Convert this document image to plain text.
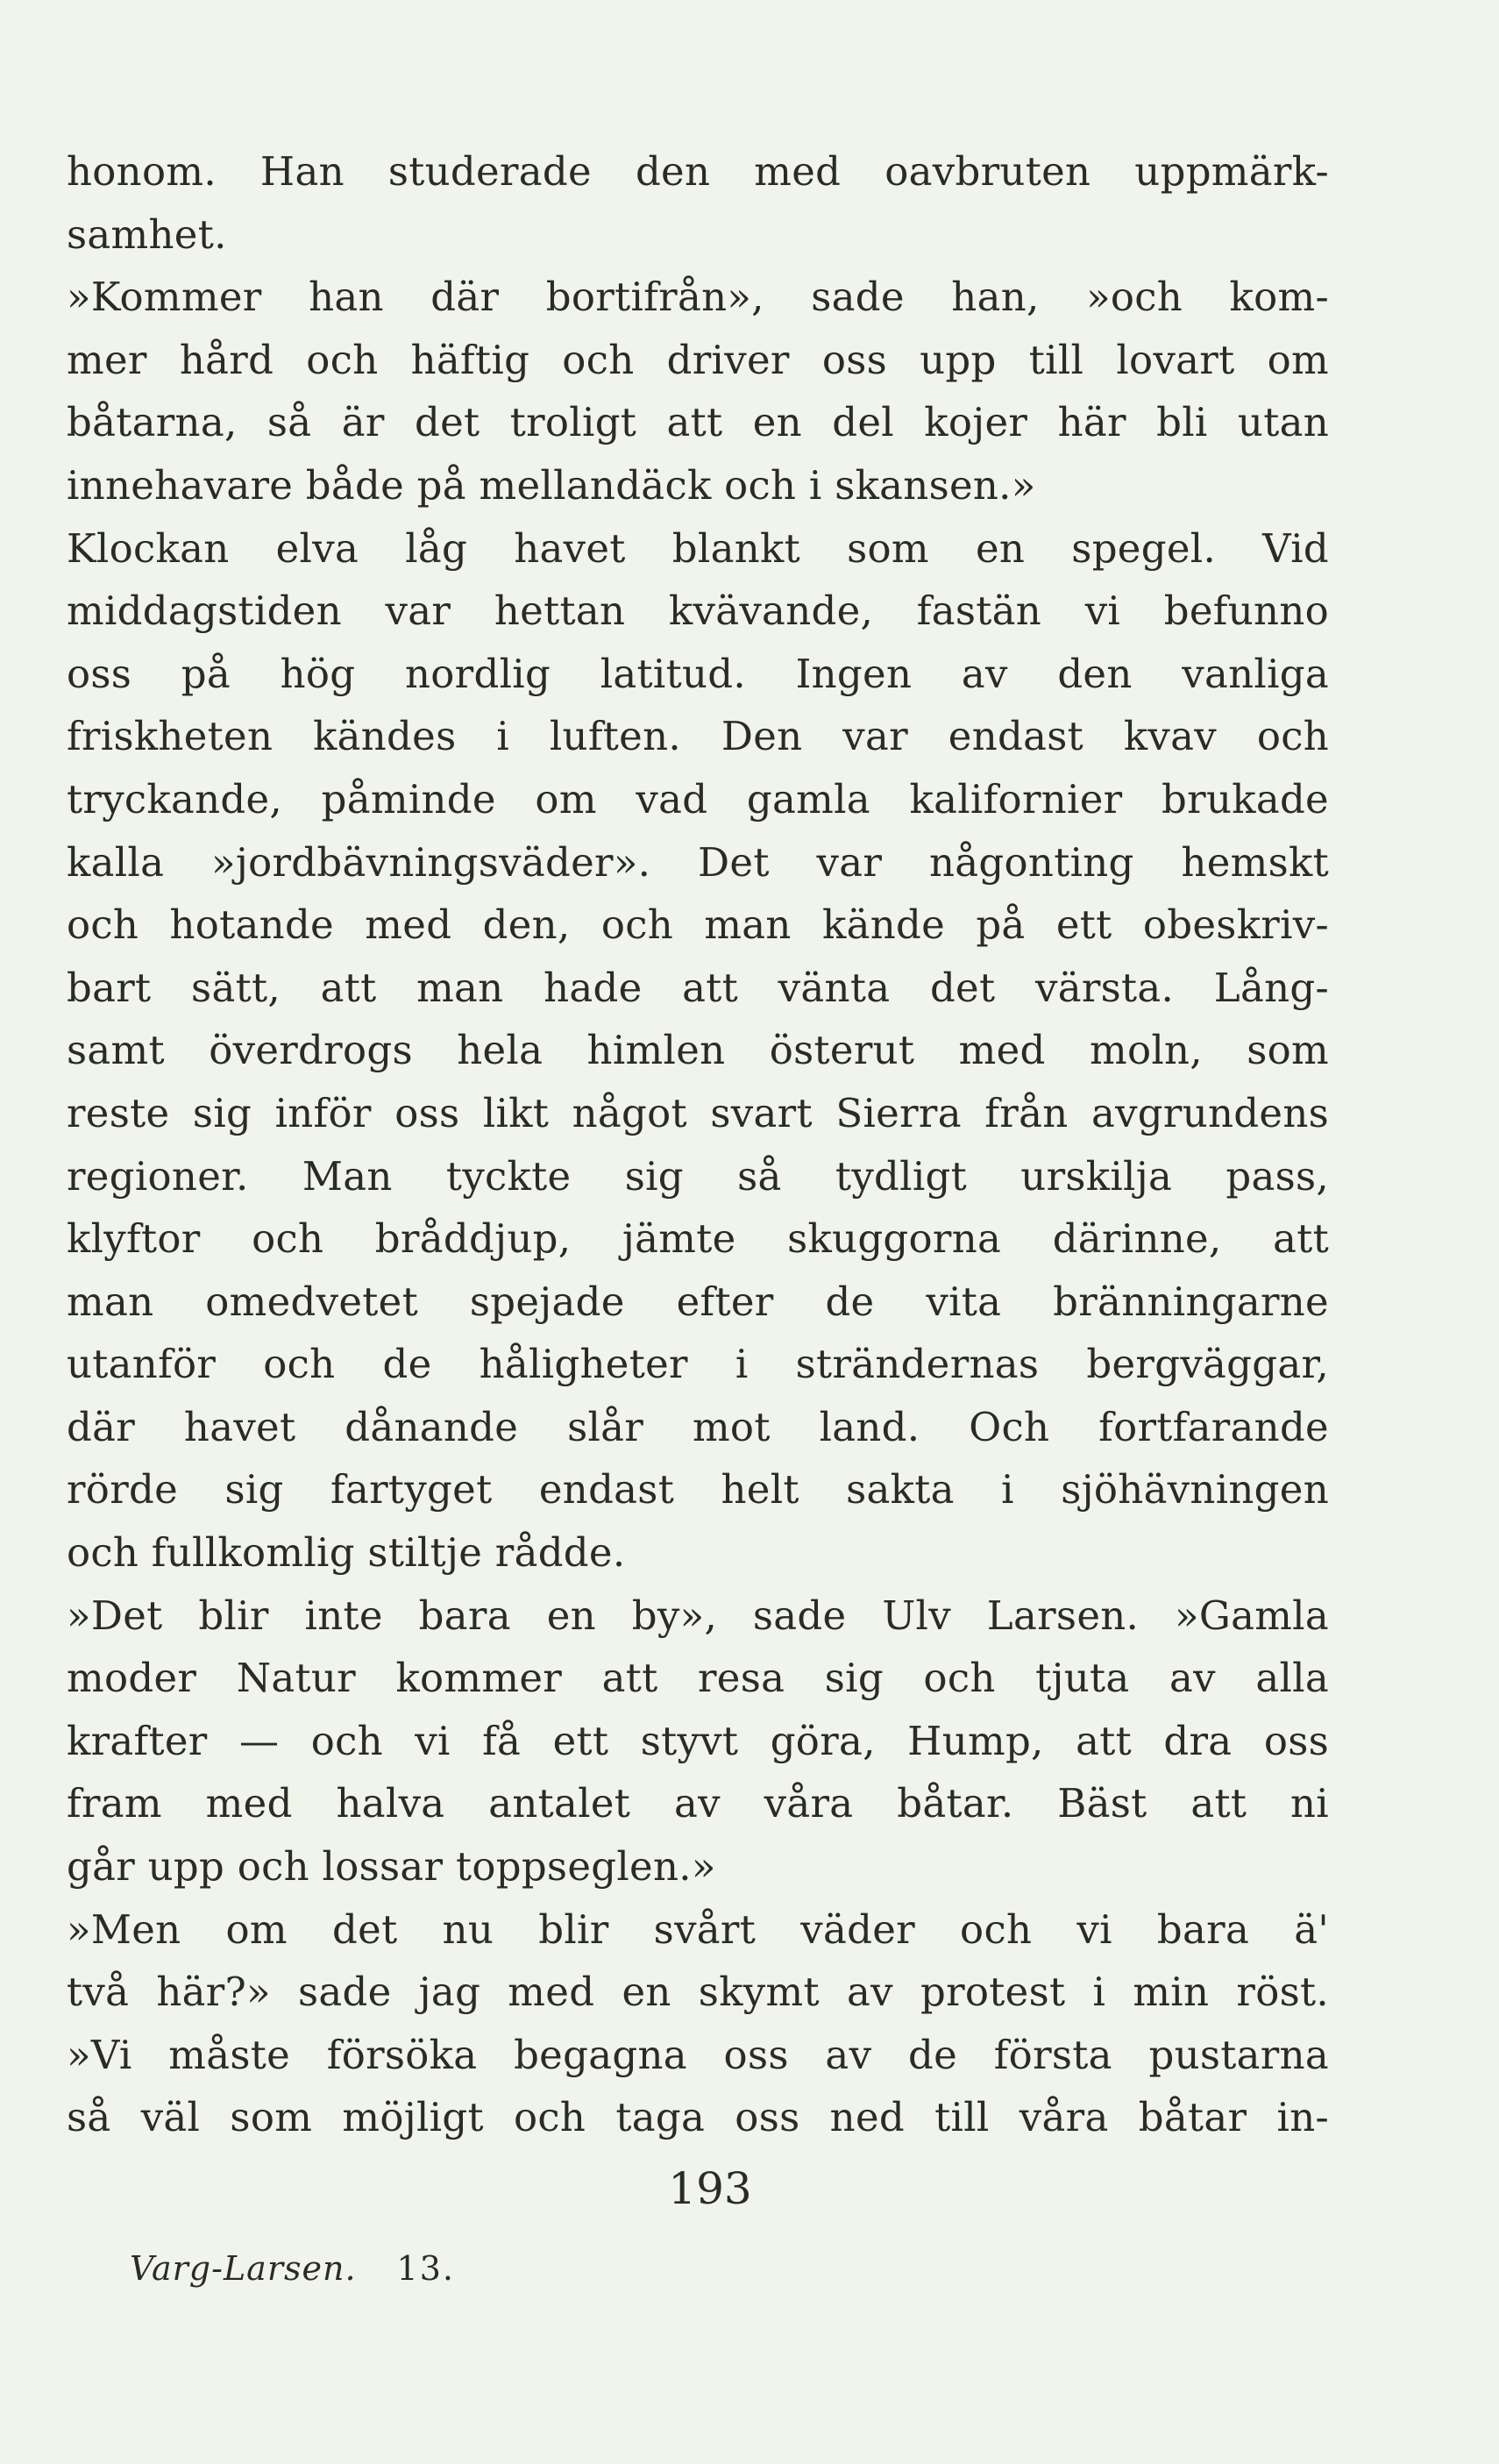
honom. Han studerade den med oavbruten uppmärk-
samhet.
»Kommer han där bortifrån», sade han, »och kom-
mer hård och häftig och driver oss upp till lovart om
båtarna, så är det troligt att en del kojer här bli utan
innehavare både på mellandäck och i skansen.»
Klockan elva låg havet blankt som en spegel. Vid
middagstiden var hettan kvävande, fastän vi befunno
oss på hög nordlig latitud. Ingen av den vanliga
friskheten kändes i luften. Den var endast kvav och
tryckande, påminde om vad gamla kalifornier brukade
kalla »jordbävningsväder». Det var någonting hemskt
och hotande med den, och man kände på ett obeskriv-
bart sätt, att man hade att vänta det värsta. Lång-
samt överdrogs hela himlen österut med moln, som
reste sig inför oss likt något svart Sierra från avgrundens
regioner. Man tyckte sig så tydligt urskilja pass,
klyftor och bråddjup, jämte skuggorna därinne, att
man omedvetet spejade efter de vita bränningarne
utanför och de håligheter i strändernas bergväggar,
där havet dånande slår mot land. Och fortfarande
rörde sig fartyget endast helt sakta i sjöhävningen
och fullkomlig stiltje rådde.
»Det blir inte bara en by», sade Ulv Larsen. »Gamla
moder Natur kommer att resa sig och tjuta av alla
krafter — och vi få ett styvt göra, Hump, att dra oss
fram med halva antalet av våra båtar. Bäst att ni
går upp och lossar toppseglen.»
»Men om det nu blir svårt väder och vi bara ä'
två här?» sade jag med en skymt av protest i min röst.
»Vi måste försöka begagna oss av de första pustarna
så väl som möjligt och taga oss ned till våra båtar in-
193
Varg-Larsen. 13.
